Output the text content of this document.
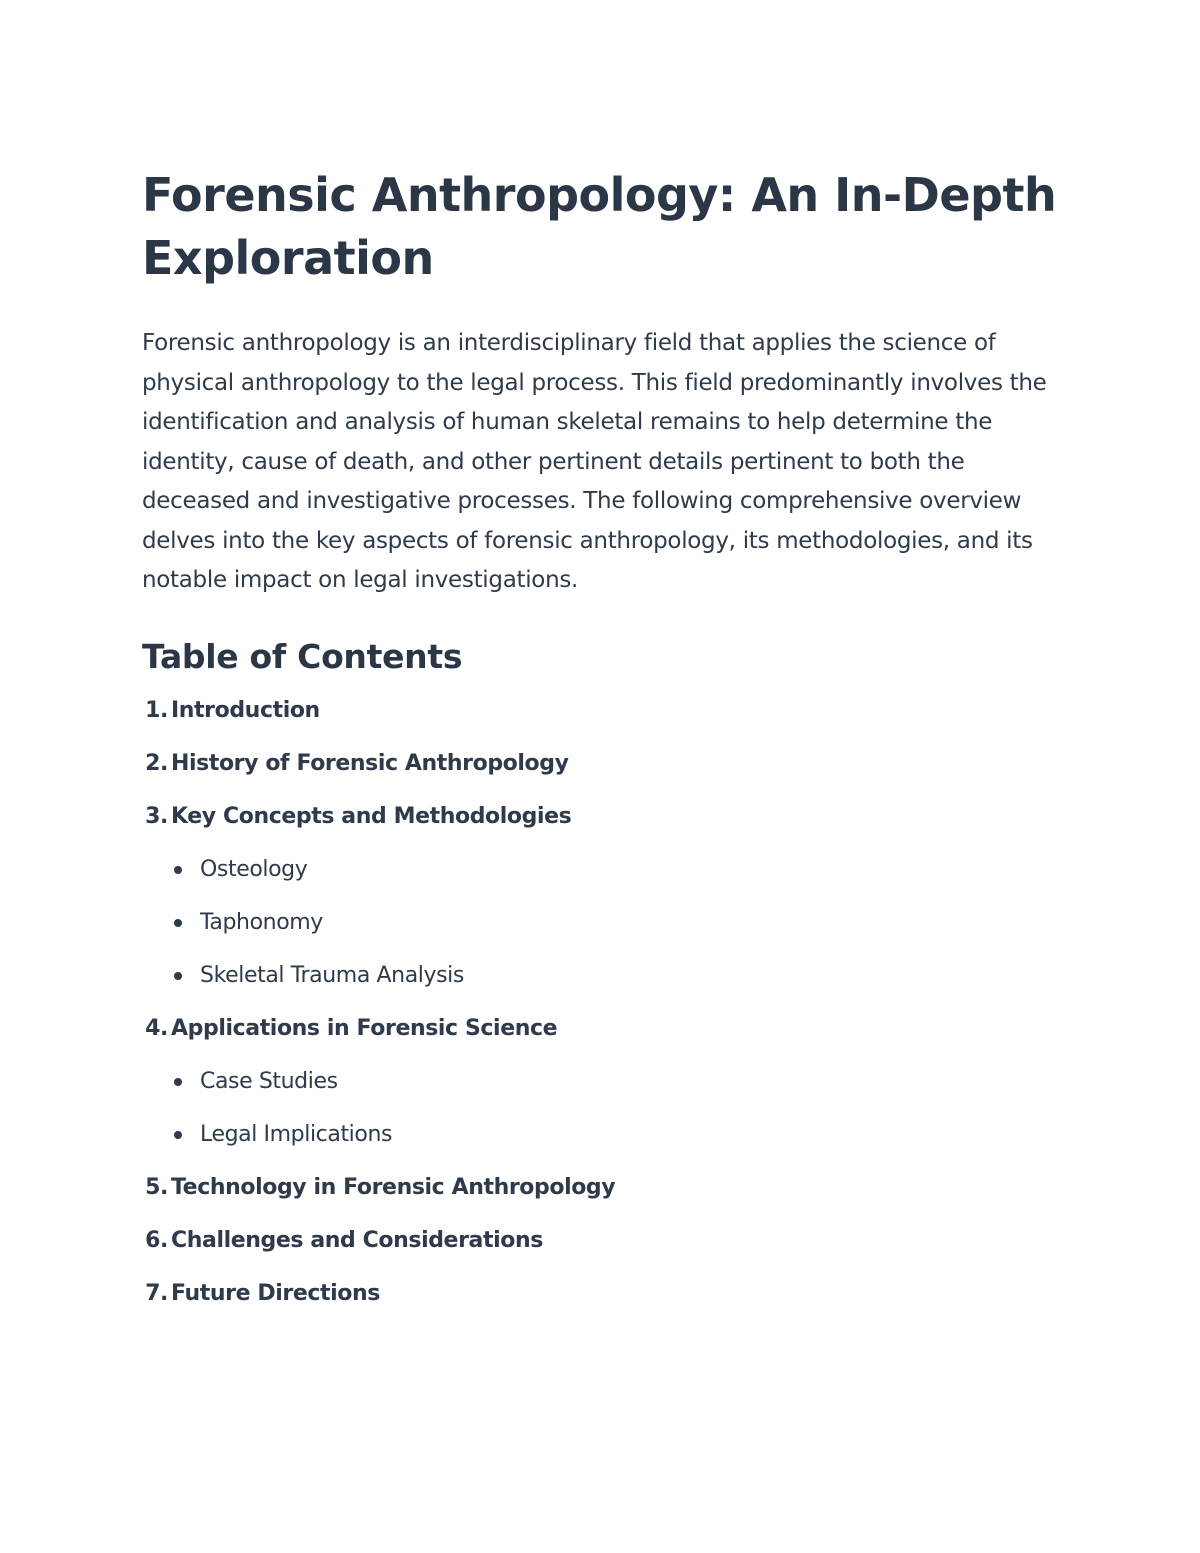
Forensic Anthropology: An In-Depth Exploration

Forensic anthropology is an interdisciplinary field that applies the science of physical anthropology to the legal process. This field predominantly involves the identification and analysis of human skeletal remains to help determine the identity, cause of death, and other pertinent details pertinent to both the deceased and investigative processes. The following comprehensive overview delves into the key aspects of forensic anthropology, its methodologies, and its notable impact on legal investigations.

Table of Contents
1 . Introduction
2 . History of Forensic Anthropology
3 . Key Concepts and Methodologies
Osteology
Taphonomy
Skeletal Trauma Analysis
4 . Applications in Forensic Science
Case Studies
Legal Implications
5 . Technology in Forensic Anthropology
6 . Challenges and Considerations
7 . Future Directions
